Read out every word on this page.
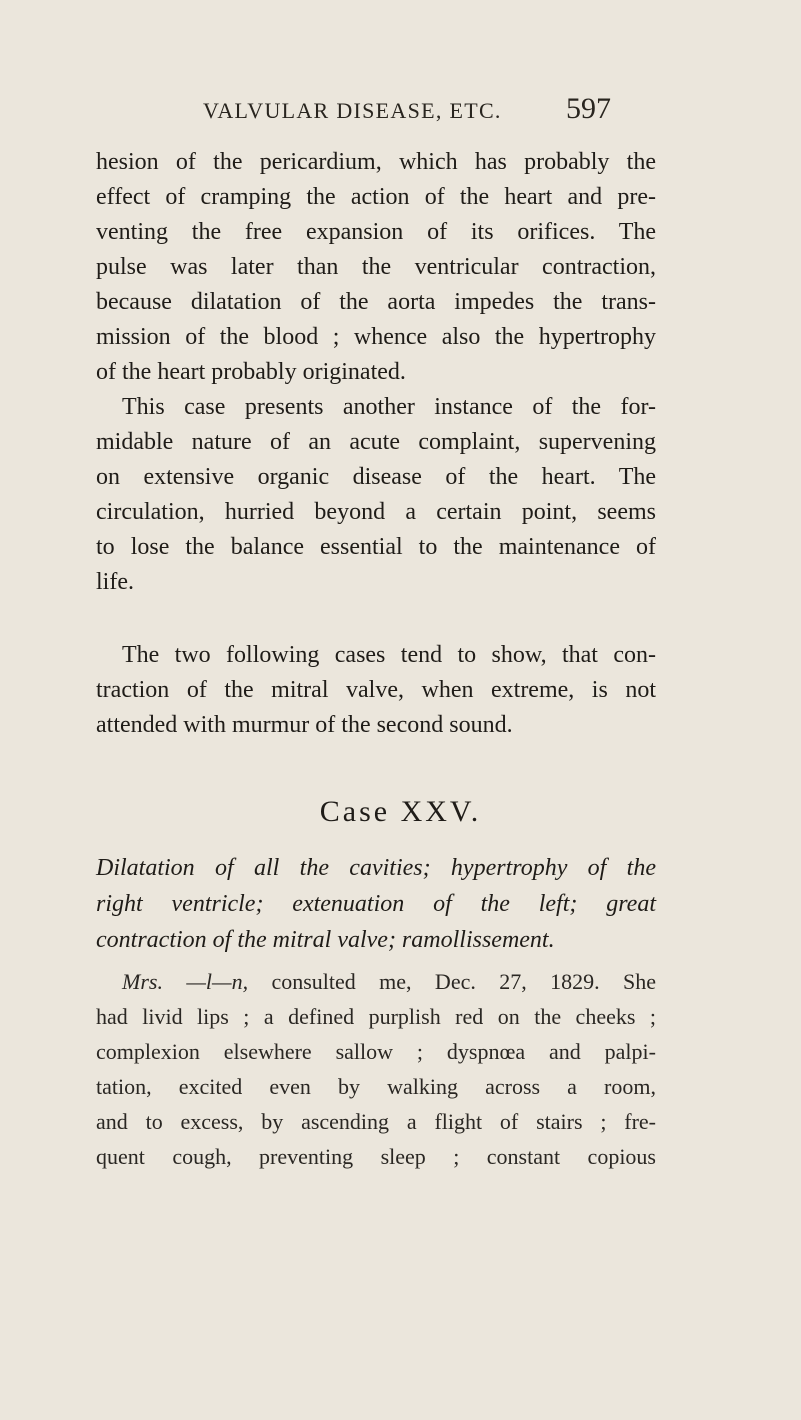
VALVULAR DISEASE, ETC. 597
hesion of the pericardium, which has probably the
effect of cramping the action of the heart and pre-
venting the free expansion of its orifices. The
pulse was later than the ventricular contraction,
because dilatation of the aorta impedes the trans-
mission of the blood ; whence also the hypertrophy
of the heart probably originated.
This case presents another instance of the for-
midable nature of an acute complaint, supervening
on extensive organic disease of the heart. The
circulation, hurried beyond a certain point, seems
to lose the balance essential to the maintenance of
life.
The two following cases tend to show, that con-
traction of the mitral valve, when extreme, is not
attended with murmur of the second sound.
Case XXV.
Dilatation of all the cavities; hypertrophy of the
right ventricle; extenuation of the left; great
contraction of the mitral valve; ramollissement.
Mrs. —l—n, consulted me, Dec. 27, 1829. She
had livid lips ; a defined purplish red on the cheeks ;
complexion elsewhere sallow ; dyspnœa and palpi-
tation, excited even by walking across a room,
and to excess, by ascending a flight of stairs ; fre-
quent cough, preventing sleep ; constant copious
